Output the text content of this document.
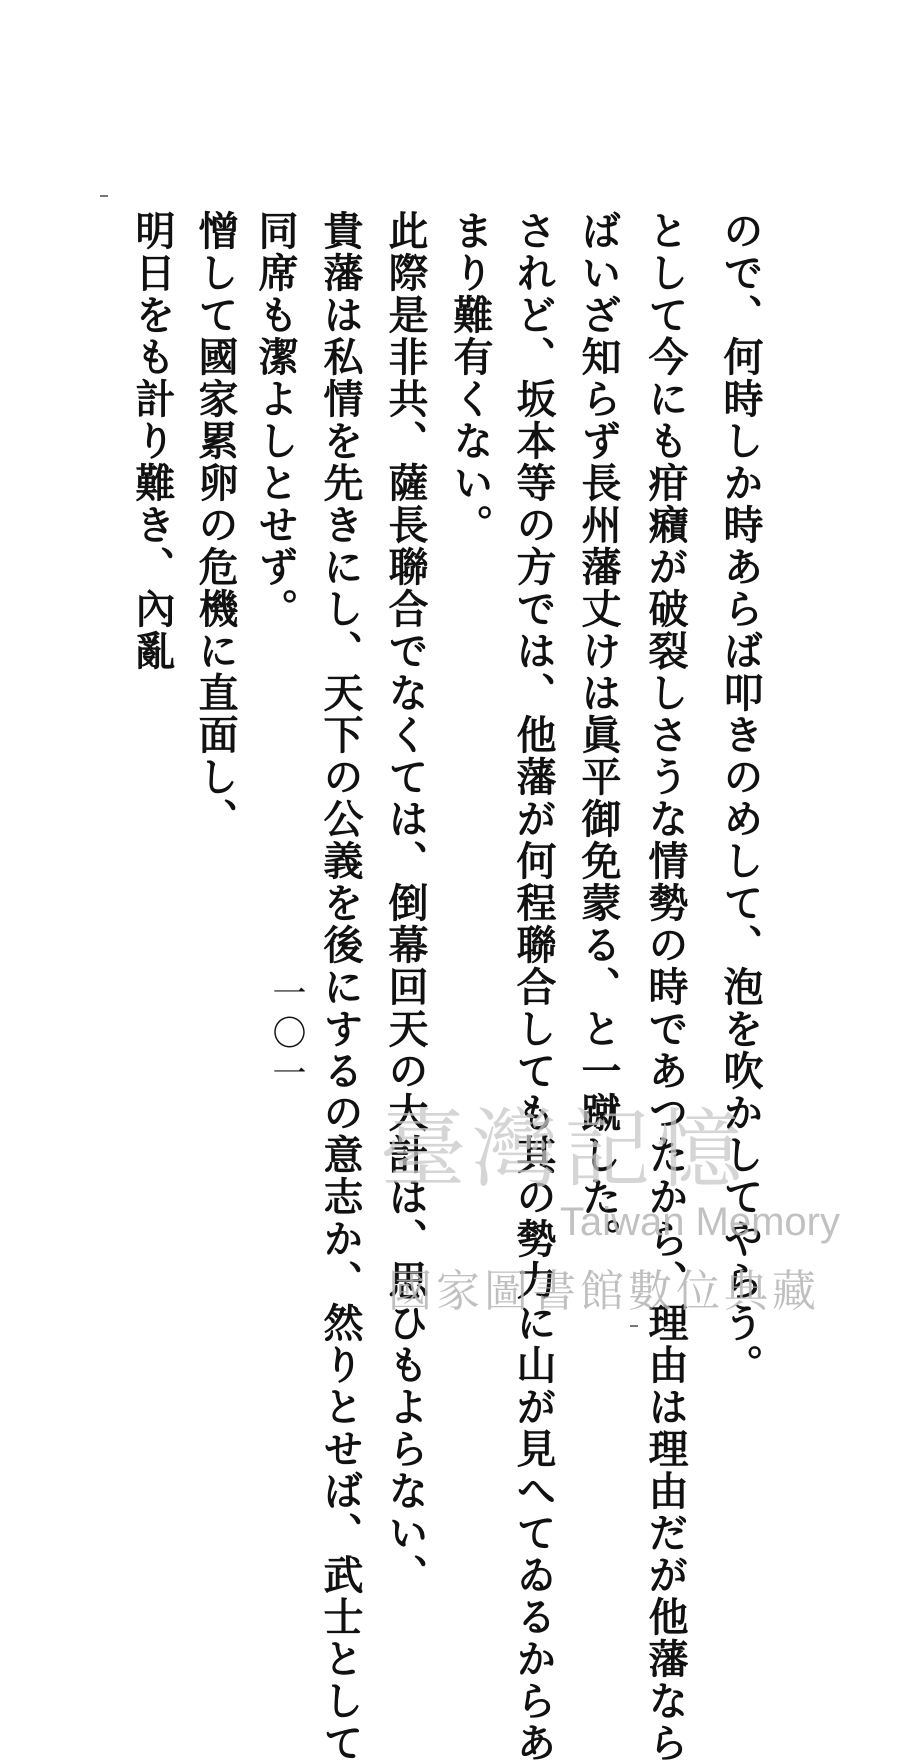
ので、何時しか時あらば叩きのめして、泡を吹かしてやらう。
として今にも疳癪が破裂しさうな情勢の時であつたから、理由は理由だが他藩なら
ばいざ知らず長州藩丈けは眞平御免蒙る、と一蹴した。
されど、坂本等の方では、他藩が何程聯合しても其の勢力に山が見へてゐるからあ
まり難有くない。
此際是非共、薩長聯合でなくては、倒幕回天の大計は、思ひもよらない、
貴藩は私情を先きにし、天下の公義を後にするの意志か、然りとせば、武士として
同席も潔よしとせず。
憎して國家累卵の危機に直面し、
明日をも計り難き、內亂
一〇一
臺灣記憶
Taiwan Memory
國家圖書館數位典藏
